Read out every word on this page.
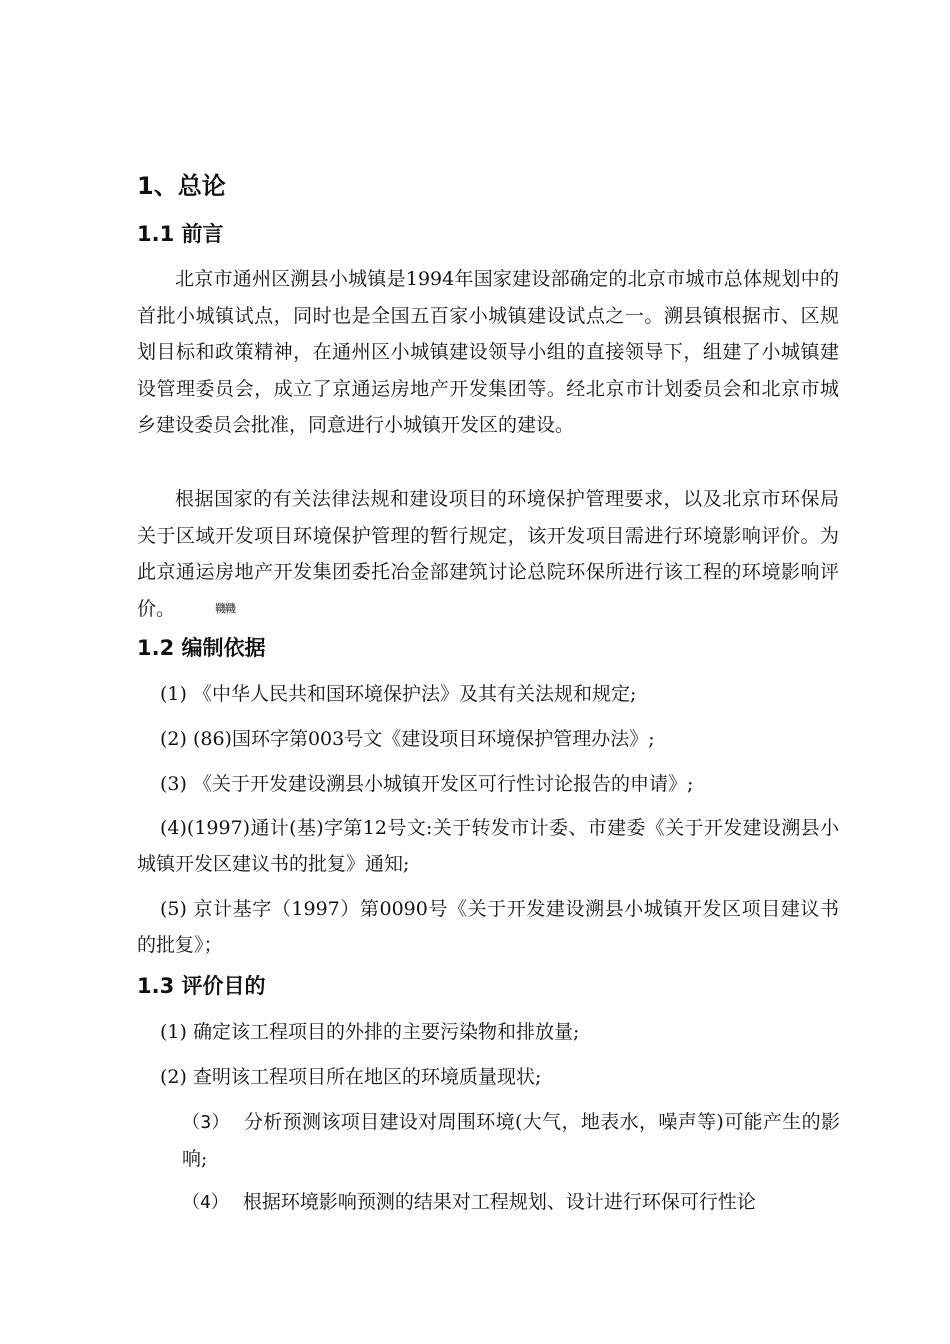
1、总论
1.1 前言

北京市通州区溯县小城镇是1994年国家建设部确定的北京市城市总体规划中的首批小城镇试点，同时也是全国五百家小城镇建设试点之一。溯县镇根据市、区规划目标和政策精神，在通州区小城镇建设领导小组的直接领导下，组建了小城镇建设管理委员会，成立了京通运房地产开发集团等。经北京市计划委员会和北京市城乡建设委员会批准，同意进行小城镇开发区的建设。

根据国家的有关法律法规和建设项目的环境保护管理要求，以及北京市环保局关于区域开发项目环境保护管理的暂行规定，该开发项目需进行环境影响评价。为此京通运房地产开发集团委托冶金部建筑讨论总院环保所进行该工程的环境影响评价。	鞿鞿

1.2 编制依据

(1) 《中华人民共和国环境保护法》及其有关法规和规定;

(2) (86)国环字第003号文《建设项目环境保护管理办法》;

(3) 《关于开发建设溯县小城镇开发区可行性讨论报告的申请》;

(4)(1997)通计(基)字第12号文:关于转发市计委、市建委《关于开发建设溯县小城镇开发区建议书的批复》通知;

(5) 京计基字（1997）第0090号《关于开发建设溯县小城镇开发区项目建议书的批复》；

1.3 评价目的

(1) 确定该工程项目的外排的主要污染物和排放量;

(2) 查明该工程项目所在地区的环境质量现状;

（3） 分析预测该项目建设对周围环境(大气，地表水，噪声等)可能产生的影响;

（4） 根据环境影响预测的结果对工程规划、设计进行环保可行性论
